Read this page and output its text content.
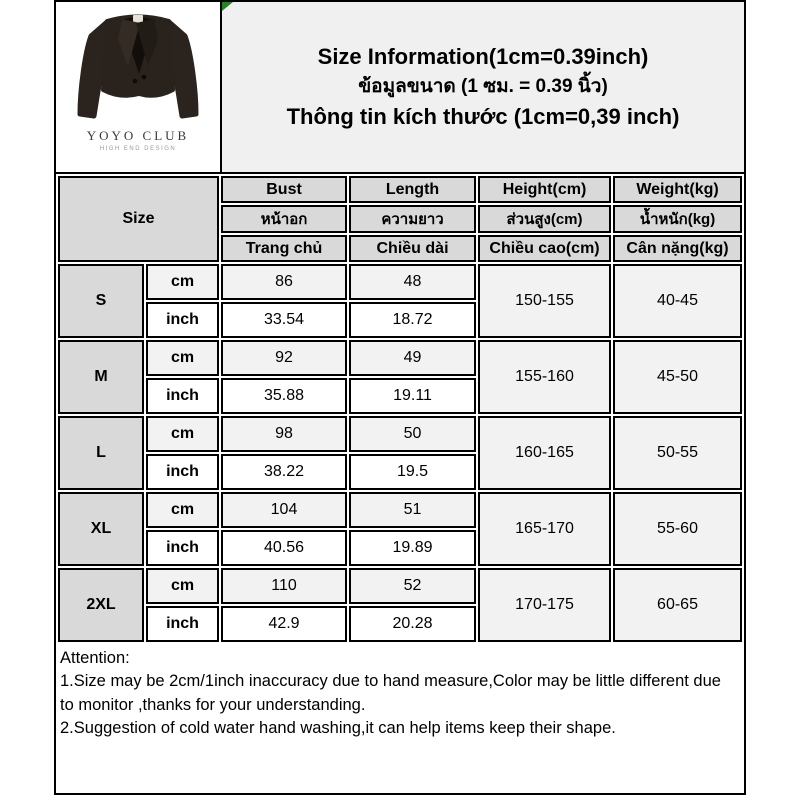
YOYO CLUB
HIGH END DESIGN
Size Information(1cm=0.39inch)
ข้อมูลขนาด (1 ซม. = 0.39 นิ้ว)
Thông tin kích thước (1cm=0,39 inch)
Size		Bust	Length	Height(cm)	Weight(kg)
		หน้าอก	ความยาว	ส่วนสูง(cm)	น้ำหนัก(kg)
		Trang chủ	Chiều dài	Chiều cao(cm)	Cân nặng(kg)
S	cm	86	48	150-155	40-45
	inch	33.54	18.72		
M	cm	92	49	155-160	45-50
	inch	35.88	19.11		
L	cm	98	50	160-165	50-55
	inch	38.22	19.5		
XL	cm	104	51	165-170	55-60
	inch	40.56	19.89		
2XL	cm	110	52	170-175	60-65
	inch	42.9	20.28		
Attention:
1.Size may be 2cm/1inch inaccuracy due to hand measure,Color may be little different due to monitor ,thanks for your understanding.
2.Suggestion of cold water hand washing,it can help items keep their shape.
